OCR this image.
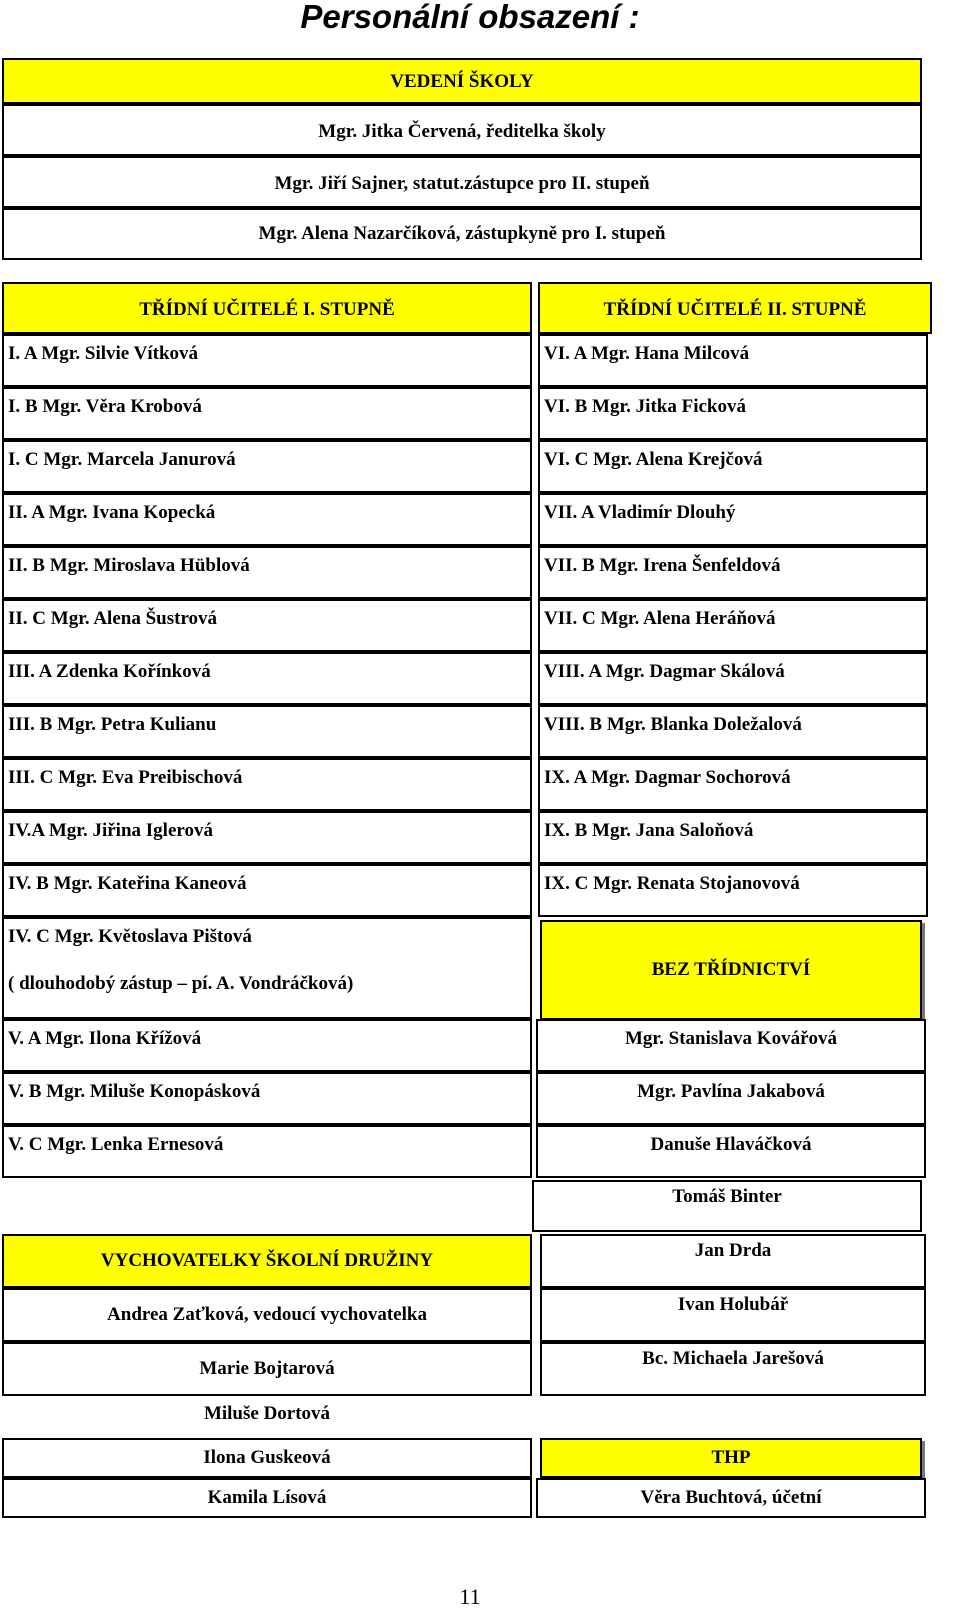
Personální obsazení :
VEDENÍ ŠKOLY
Mgr. Jitka Červená, ředitelka školy
Mgr. Jiří Sajner, statut.zástupce pro II. stupeň
Mgr. Alena Nazarčíková, zástupkyně pro I. stupeň
TŘÍDNÍ UČITELÉ I. STUPNĚ
I. A Mgr. Silvie Vítková
I. B Mgr. Věra Krobová
I. C Mgr. Marcela Janurová
II. A Mgr. Ivana Kopecká
II. B Mgr. Miroslava Hüblová
II. C Mgr. Alena Šustrová
III. A Zdenka Kořínková
III. B Mgr. Petra Kulianu
III. C Mgr. Eva Preibischová
IV.A Mgr. Jiřina Iglerová
IV. B Mgr. Kateřina Kaneová
IV. C Mgr. Květoslava Pištová
( dlouhodobý zástup – pí. A. Vondráčková)
V. A Mgr. Ilona Křížová
V. B Mgr. Miluše Konopásková
V. C Mgr. Lenka Ernesová
TŘÍDNÍ UČITELÉ II. STUPNĚ
VI. A Mgr. Hana Milcová
VI. B Mgr. Jitka Ficková
VI. C Mgr. Alena Krejčová
VII. A Vladimír Dlouhý
VII. B Mgr. Irena Šenfeldová
VII. C Mgr. Alena Heráňová
VIII. A Mgr. Dagmar Skálová
VIII. B Mgr. Blanka Doležalová
IX. A Mgr. Dagmar Sochorová
IX. B Mgr. Jana Saloňová
IX. C Mgr. Renata Stojanovová
BEZ TŘÍDNICTVÍ
Mgr. Stanislava Kovářová
Mgr. Pavlína Jakabová
Danuše Hlaváčková
Tomáš Binter
Jan Drda
Ivan Holubář
Bc. Michaela Jarešová
VYCHOVATELKY ŠKOLNÍ DRUŽINY
Andrea Zaťková, vedoucí vychovatelka
Marie Bojtarová
Miluše Dortová
Ilona Guskeová
Kamila Lísová
THP
Věra Buchtová, účetní
11
